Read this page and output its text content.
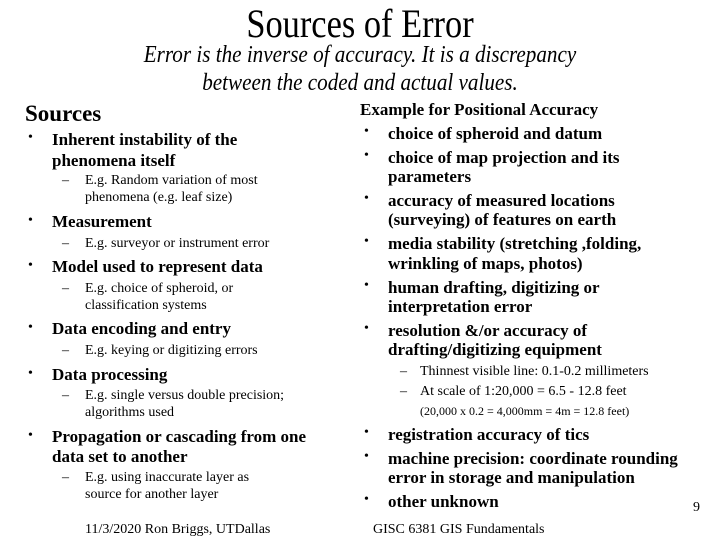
Sources of Error
Error is the inverse of accuracy. It is a discrepancy
between the coded and actual values.
Sources
• Inherent instability of the
phenomena itself
– E.g. Random variation of most
phenomena (e.g. leaf size)
• Measurement
– E.g. surveyor or instrument error
• Model used to represent data
– E.g. choice of spheroid, or
classification systems
• Data encoding and entry
– E.g. keying or digitizing errors
• Data processing
– E.g. single versus double precision;
algorithms used
• Propagation or cascading from one
data set to another
– E.g. using inaccurate layer as
source for another layer
Example for Positional Accuracy
• choice of spheroid and datum
• choice of map projection and its
parameters
• accuracy of measured locations
(surveying) of features on earth
• media stability (stretching ,folding,
wrinkling of maps, photos)
• human drafting, digitizing or
interpretation error
• resolution &/or accuracy of
drafting/digitizing equipment
– Thinnest visible line: 0.1-0.2 millimeters
– At scale of 1:20,000 = 6.5 - 12.8 feet
(20,000 x 0.2 = 4,000mm = 4m = 12.8 feet)
• registration accuracy of tics
• machine precision: coordinate rounding
error in storage and manipulation
• other unknown	9
11/3/2020 Ron Briggs, UTDallas	GISC 6381 GIS Fundamentals
